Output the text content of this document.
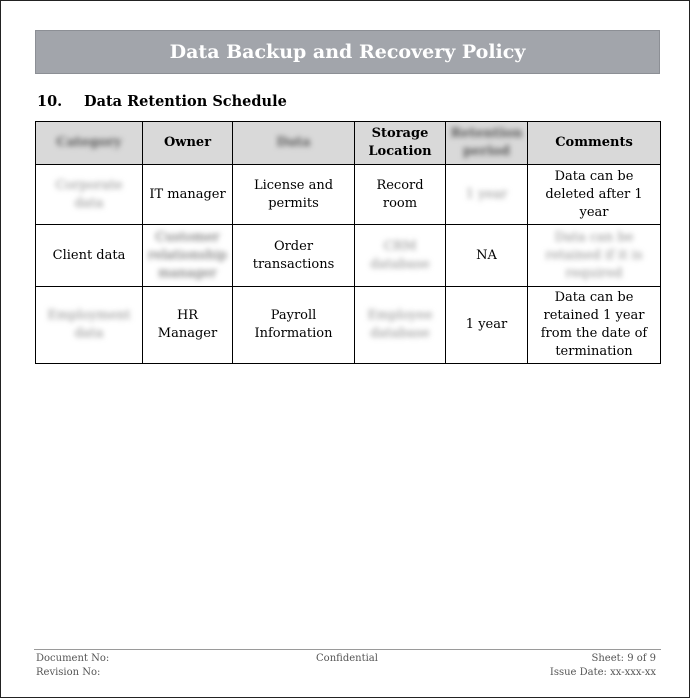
Data Backup and Recovery Policy
10.	Data Retention Schedule
Category	Owner	Data	Storage Location	Retention period	Comments
Corporate data	IT manager	License and permits	Record room	1 year	Data can be deleted after 1 year
Client data	Customer relationship manager	Order transactions	CRM database	NA	Data can be retained if it is required
Employment data	HR Manager	Payroll Information	Employee database	1 year	Data can be retained 1 year from the date of termination
Document No:
Revision No:
Confidential	Sheet: 9 of 9
Issue Date: xx-xxx-xx
